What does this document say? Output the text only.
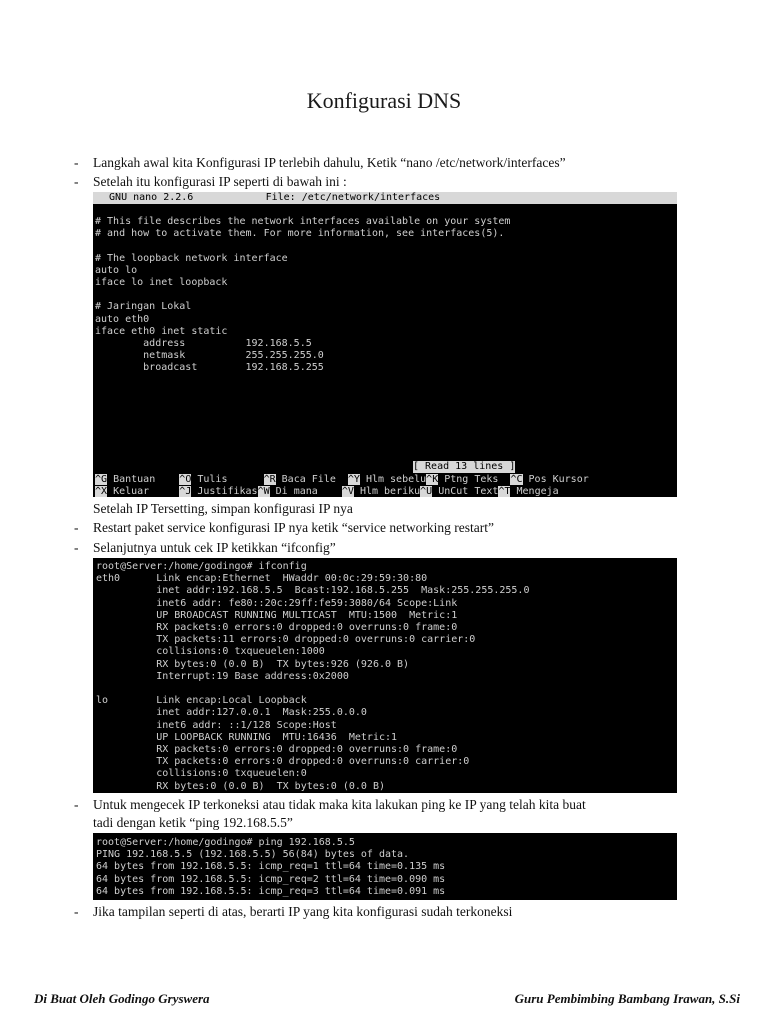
Konfigurasi DNS
-	Langkah awal kita Konfigurasi IP terlebih dahulu, Ketik “nano /etc/network/interfaces”
-	Setelah itu konfigurasi IP seperti di bawah ini :
GNU nano 2.2.6            File: /etc/network/interfaces
# This file describes the network interfaces available on your system
# and how to activate them. For more information, see interfaces(5).

# The loopback network interface
auto lo
iface lo inet loopback

# Jaringan Lokal
auto eth0
iface eth0 inet static
address          192.168.5.5
netmask          255.255.255.0
broadcast        192.168.5.255
[ Read 13 lines ]
^G Bantuan    ^O Tulis      ^R Baca File  ^Y Hlm sebelu^K Ptng Teks  ^C Pos Kursor
^X Keluar     ^J Justifikas^W Di mana    ^V Hlm beriku^U UnCut Text^T Mengeja
Setelah IP Tersetting, simpan konfigurasi IP nya
-	Restart paket service konfigurasi IP nya ketik “service networking restart”
-	Selanjutnya untuk cek IP ketikkan “ifconfig”
root@Server:/home/godingo# ifconfig
eth0      Link encap:Ethernet  HWaddr 00:0c:29:59:30:80
inet addr:192.168.5.5  Bcast:192.168.5.255  Mask:255.255.255.0
inet6 addr: fe80::20c:29ff:fe59:3080/64 Scope:Link
UP BROADCAST RUNNING MULTICAST  MTU:1500  Metric:1
RX packets:0 errors:0 dropped:0 overruns:0 frame:0
TX packets:11 errors:0 dropped:0 overruns:0 carrier:0
collisions:0 txqueuelen:1000
RX bytes:0 (0.0 B)  TX bytes:926 (926.0 B)
Interrupt:19 Base address:0x2000

lo        Link encap:Local Loopback
inet addr:127.0.0.1  Mask:255.0.0.0
inet6 addr: ::1/128 Scope:Host
UP LOOPBACK RUNNING  MTU:16436  Metric:1
RX packets:0 errors:0 dropped:0 overruns:0 frame:0
TX packets:0 errors:0 dropped:0 overruns:0 carrier:0
collisions:0 txqueuelen:0
RX bytes:0 (0.0 B)  TX bytes:0 (0.0 B)
-	Untuk mengecek IP terkoneksi atau tidak maka kita lakukan ping ke IP yang telah kita buat
tadi dengan ketik “ping 192.168.5.5”
root@Server:/home/godingo# ping 192.168.5.5
PING 192.168.5.5 (192.168.5.5) 56(84) bytes of data.
64 bytes from 192.168.5.5: icmp_req=1 ttl=64 time=0.135 ms
64 bytes from 192.168.5.5: icmp_req=2 ttl=64 time=0.090 ms
64 bytes from 192.168.5.5: icmp_req=3 ttl=64 time=0.091 ms
-	Jika tampilan seperti di atas, berarti IP yang kita konfigurasi sudah terkoneksi
Di Buat Oleh Godingo Gryswera	Guru Pembimbing Bambang Irawan, S.Si
